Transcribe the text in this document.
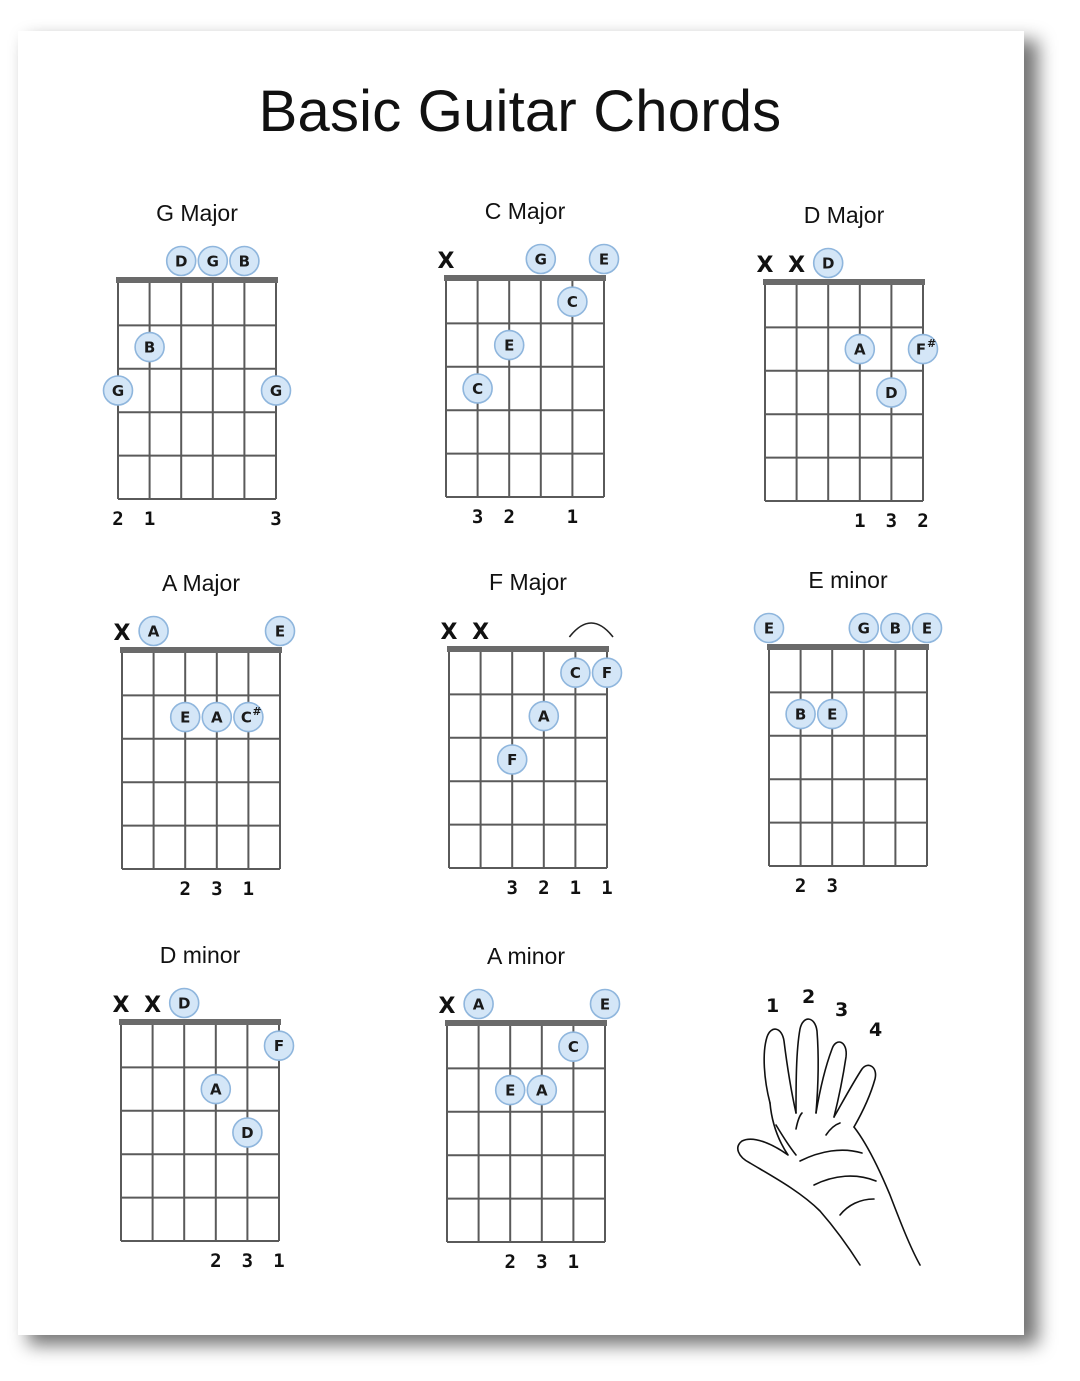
Basic Guitar Chords
G Major
D G B
B
G	G
2 1	3
C Major
X	G	E
C
E
C
3 2	1
D Major
X X D
A	F #
D
1 3 2
A Major
X A	E
E A C #
2 3 1
F Major
X X
C F
A
F
3 2 1 1
E minor
E	G B E
B E
2 3
D minor
X X D
F
A
D
2 3 1
A minor
X A	E
C
E A
2 3 1
1 2
3
4
